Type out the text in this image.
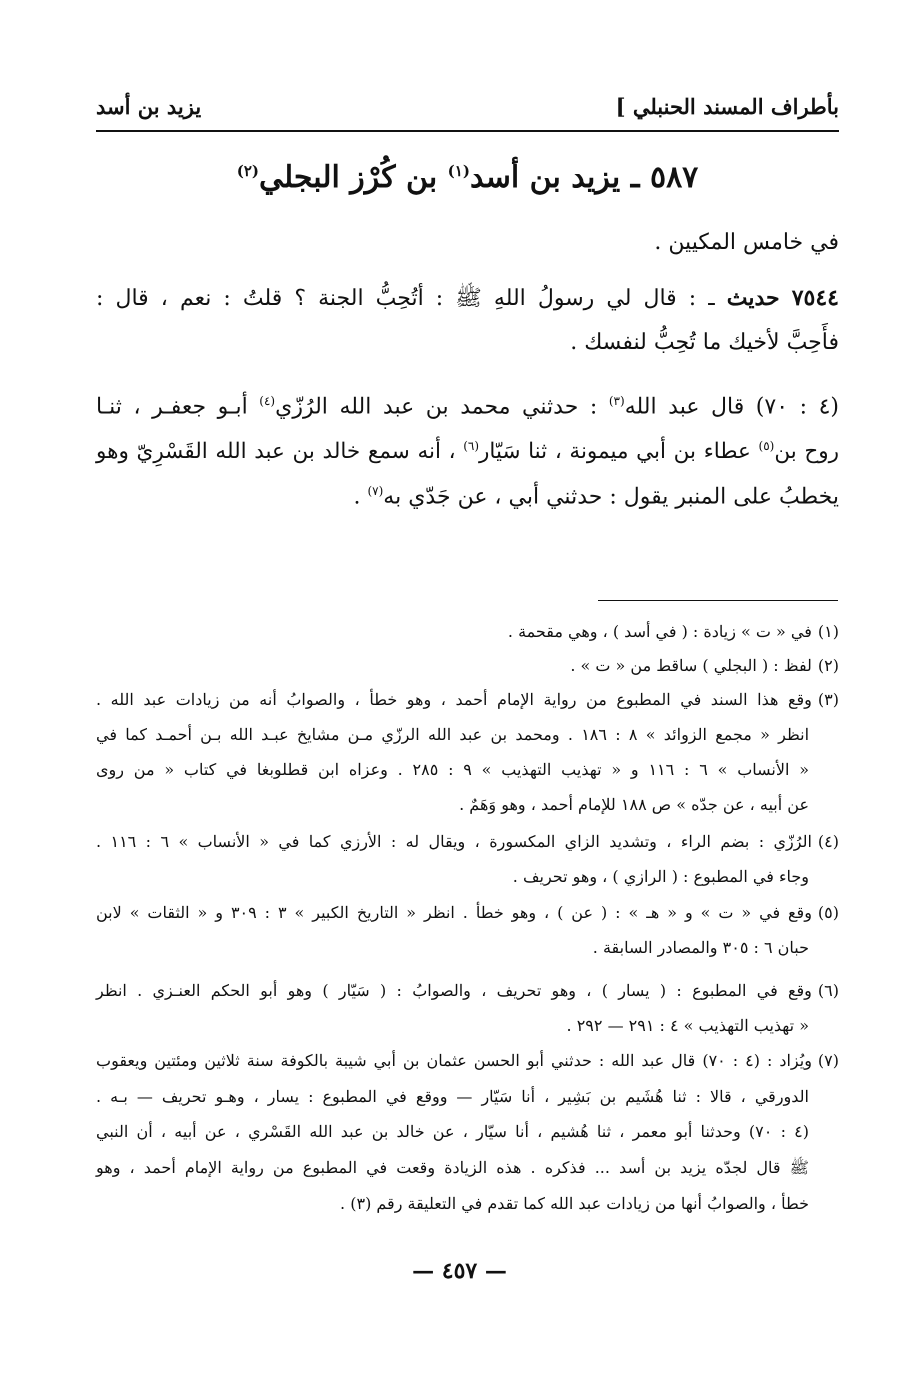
بأطراف المسند الحنبلي ]
يزيد بن أسد
٥٨٧ ـ يزيد بن أسد$^{(١)}$ بن كُرْز البجلي$^{(٢)}$
في خامس المكيين .
٧٥٤٤ حديث ـ : قال لي رسولُ اللهِ ﷺ : أتُحِبُّ الجنة ؟ قلتُ : نعم ، قال :
فأَحِبَّ لأخيك ما تُحِبُّ لنفسك .
(٤ : ٧٠) قال عبد الله$^{(٣)}$ : حدثني محمد بن عبد الله الرُزّي$^{(٤)}$ أبـو جعفـر ، ثنـا
روح بن$^{(٥)}$ عطاء بن أبي ميمونة ، ثنا سَيّار$^{(٦)}$ ، أنه سمع خالد بن عبد الله القَسْرِيّ وهو
يخطبُ على المنبر يقول : حدثني أبي ، عن جَدّي به$^{(٧)}$ .
(١)في « ت » زيادة : ( في أسد ) ، وهي مقحمة .
(٢)لفظ : ( البجلي ) ساقط من « ت » .
(٣)وقع هذا السند في المطبوع من رواية الإمام أحمد ، وهو خطأ ، والصوابُ أنه من زيادات عبد الله .
انظر « مجمع الزوائد » ٨ : ١٨٦ . ومحمد بن عبد الله الرزّي مـن مشايخ عبـد الله بـن أحمـد كما في
« الأنساب » ٦ : ١١٦ و « تهذيب التهذيب » ٩ : ٢٨٥ . وعزاه ابن قطلوبغا في كتاب « من روى
عن أبيه ، عن جدّه » ص ١٨٨ للإمام أحمد ، وهو وَهَمٌ .
(٤)الرُزّي : بضم الراء ، وتشديد الزاي المكسورة ، ويقال له : الأرزي كما في « الأنساب » ٦ : ١١٦ .
وجاء في المطبوع : ( الرازي ) ، وهو تحريف .
(٥)وقع في « ت » و « هـ » : ( عن ) ، وهو خطأ . انظر « التاريخ الكبير » ٣ : ٣٠٩ و « الثقات » لابن
حبان ٦ : ٣٠٥ والمصادر السابقة .
(٦)وقع في المطبوع : ( يسار ) ، وهو تحريف ، والصوابُ : ( سَيّار ) وهو أبو الحكم العنـزي . انظر
« تهذيب التهذيب » ٤ : ٢٩١ — ٢٩٢ .
(٧)ويُزاد : (٤ : ٧٠) قال عبد الله : حدثني أبو الحسن عثمان بن أبي شيبة بالكوفة سنة ثلاثين ومئتين ويعقوب
الدورقي ، قالا : ثنا هُشَيم بن بَشِير ، أنا سَيّار — ووقع في المطبوع : يسار ، وهـو تحريف — بـه .
(٤ : ٧٠) وحدثنا أبو معمر ، ثنا هُشيم ، أنا سيّار ، عن خالد بن عبد الله القَسْري ، عن أبيه ، أن النبي
ﷺ قال لجدّه يزيد بن أسد ... فذكره . هذه الزيادة وقعت في المطبوع من رواية الإمام أحمد ، وهو
خطأ ، والصوابُ أنها من زيادات عبد الله كما تقدم في التعليقة رقم (٣) .
— ٤٥٧ —
